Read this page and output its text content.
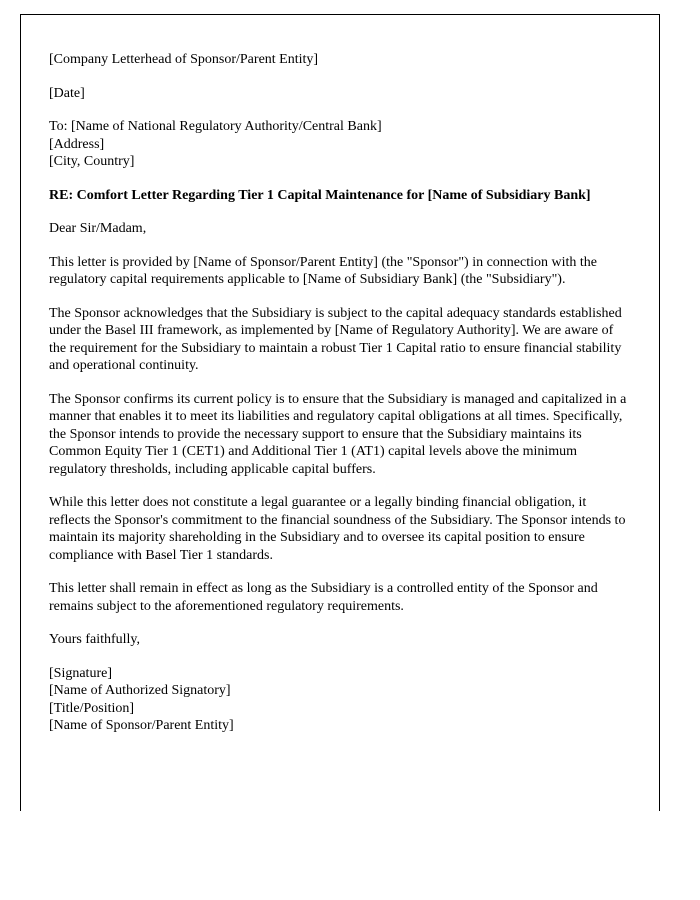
[Company Letterhead of Sponsor/Parent Entity]

[Date]

To: [Name of National Regulatory Authority/Central Bank]

[Address]

[City, Country]

RE: Comfort Letter Regarding Tier 1 Capital Maintenance for [Name of Subsidiary Bank]

Dear Sir/Madam,

This letter is provided by [Name of Sponsor/Parent Entity] (the "Sponsor") in connection with the regulatory capital requirements applicable to [Name of Subsidiary Bank] (the "Subsidiary").

The Sponsor acknowledges that the Subsidiary is subject to the capital adequacy standards established under the Basel III framework, as implemented by [Name of Regulatory Authority]. We are aware of the requirement for the Subsidiary to maintain a robust Tier 1 Capital ratio to ensure financial stability and operational continuity.

The Sponsor confirms its current policy is to ensure that the Subsidiary is managed and capitalized in a manner that enables it to meet its liabilities and regulatory capital obligations at all times. Specifically, the Sponsor intends to provide the necessary support to ensure that the Subsidiary maintains its Common Equity Tier 1 (CET1) and Additional Tier 1 (AT1) capital levels above the minimum regulatory thresholds, including applicable capital buffers.

While this letter does not constitute a legal guarantee or a legally binding financial obligation, it reflects the Sponsor's commitment to the financial soundness of the Subsidiary. The Sponsor intends to maintain its majority shareholding in the Subsidiary and to oversee its capital position to ensure compliance with Basel Tier 1 standards.

This letter shall remain in effect as long as the Subsidiary is a controlled entity of the Sponsor and remains subject to the aforementioned regulatory requirements.

Yours faithfully,

[Signature]

[Name of Authorized Signatory]

[Title/Position]

[Name of Sponsor/Parent Entity]
